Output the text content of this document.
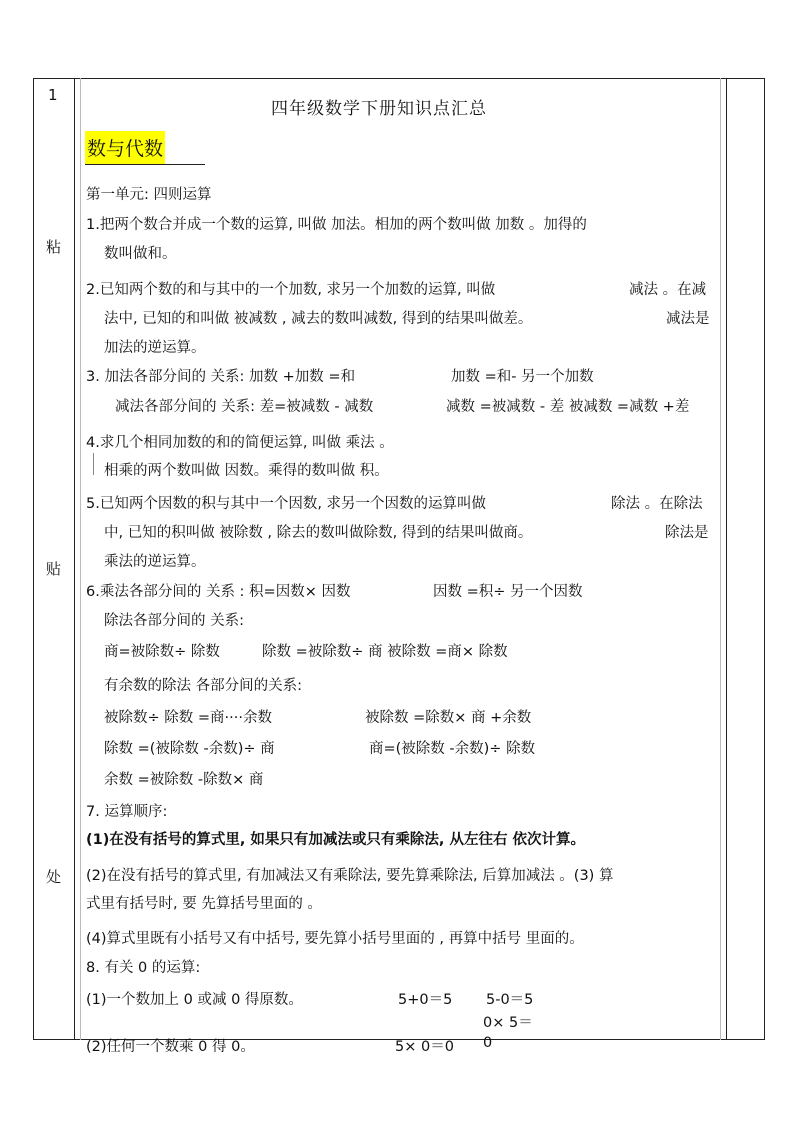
1
粘
贴
处
四年级数学下册知识点汇总
数与代数
第一单元: 四则运算
1.把两个数合并成一个数的运算, 叫做 加法。相加的两个数叫做 加数 。加得的
数叫做和。
2.已知两个数的和与其中的一个加数, 求另一个加数的运算, 叫做	减法 。在减
法中, 已知的和叫做 被减数 , 减去的数叫减数, 得到的结果叫做差。	减法是
加法的逆运算。
3. 加法各部分间的 关系: 加数 +加数 =和	加数 =和- 另一个加数
减法各部分间的 关系: 差=被减数 - 减数	减数 =被减数 - 差 被减数 =减数 +差
4.求几个相同加数的和的简便运算, 叫做 乘法 。
相乘的两个数叫做 因数。乘得的数叫做 积。
5.已知两个因数的积与其中一个因数, 求另一个因数的运算叫做	除法 。在除法
中, 已知的积叫做 被除数 , 除去的数叫做除数, 得到的结果叫做商。	除法是
乘法的逆运算。
6.乘法各部分间的 关系 : 积=因数× 因数	因数 =积÷ 另一个因数
除法各部分间的 关系:
商=被除数÷ 除数	除数 =被除数÷ 商 被除数 =商× 除数
有余数的除法 各部分间的关系:
被除数÷ 除数 =商····余数	被除数 =除数× 商 +余数
除数 =(被除数 -余数)÷ 商	商=(被除数 -余数)÷ 除数
余数 =被除数 -除数× 商
7. 运算顺序:
(1)在没有括号的算式里, 如果只有加减法或只有乘除法, 从左往右 依次计算。
(2)在没有括号的算式里, 有加减法又有乘除法, 要先算乘除法, 后算加减法 。(3) 算
式里有括号时, 要 先算括号里面的 。
(4)算式里既有小括号又有中括号, 要先算小括号里面的 , 再算中括号 里面的。
8. 有关 0 的运算:
(1)一个数加上 0 或减 0 得原数。	5+0＝5 5-0＝5
0× 5＝
(2)任何一个数乘 0 得 0。	5× 0＝0 0
